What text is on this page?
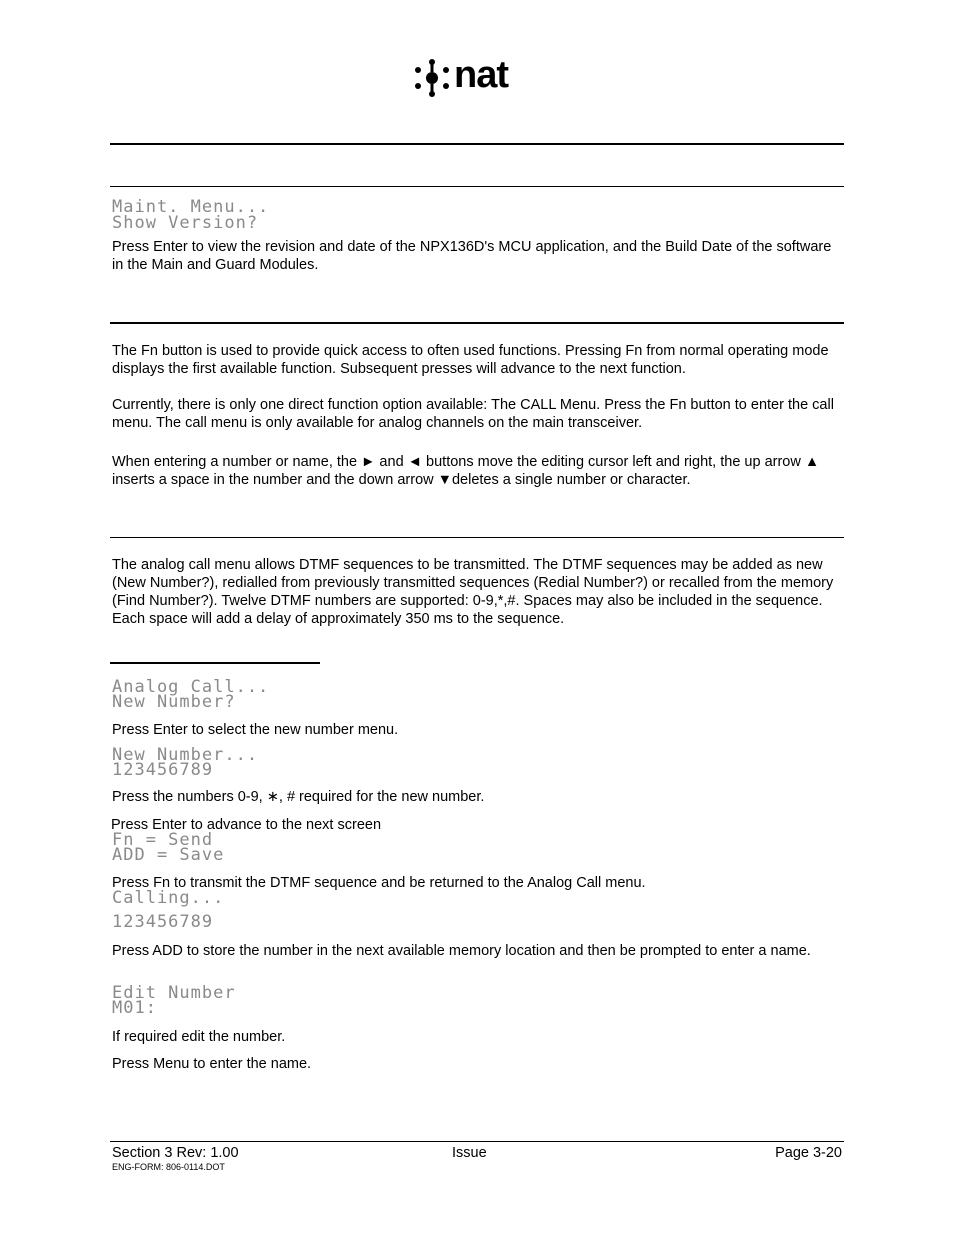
nat
Maint. Menu...
Show Version?
Press Enter to view the revision and date of the NPX136D's MCU application, and the Build Date of the software in the Main and Guard Modules.
The Fn button is used to provide quick access to often used functions. Pressing Fn from normal operating mode displays the first available function. Subsequent presses will advance to the next function.
Currently, there is only one direct function option available: The CALL Menu. Press the Fn button to enter the call menu. The call menu is only available for analog channels on the main transceiver.
When entering a number or name, the ► and ◄ buttons move the editing cursor left and right, the up arrow ▲ inserts a space in the number and the down arrow ▼deletes a single number or character.
The analog call menu allows DTMF sequences to be transmitted. The DTMF sequences may be added as new (New Number?), redialled from previously transmitted sequences (Redial Number?) or recalled from the memory (Find Number?). Twelve DTMF numbers are supported: 0-9,*,#. Spaces may also be included in the sequence. Each space will add a delay of approximately 350 ms to the sequence.
Analog Call...
New Number?
Press Enter to select the new number menu.
New Number...
123456789
Press the numbers 0-9, ∗, # required for the new number.
Press Enter to advance to the next screen
Fn = Send
ADD = Save
Press Fn to transmit the DTMF sequence and be returned to the Analog Call menu.
Calling...
123456789
Press ADD to store the number in the next available memory location and then be prompted to enter a name.
Edit Number
M01:
If required edit the number.
Press Menu to enter the name.
Section 3 Rev: 1.00	Issue	Page 3-20
ENG-FORM: 806-0114.DOT
